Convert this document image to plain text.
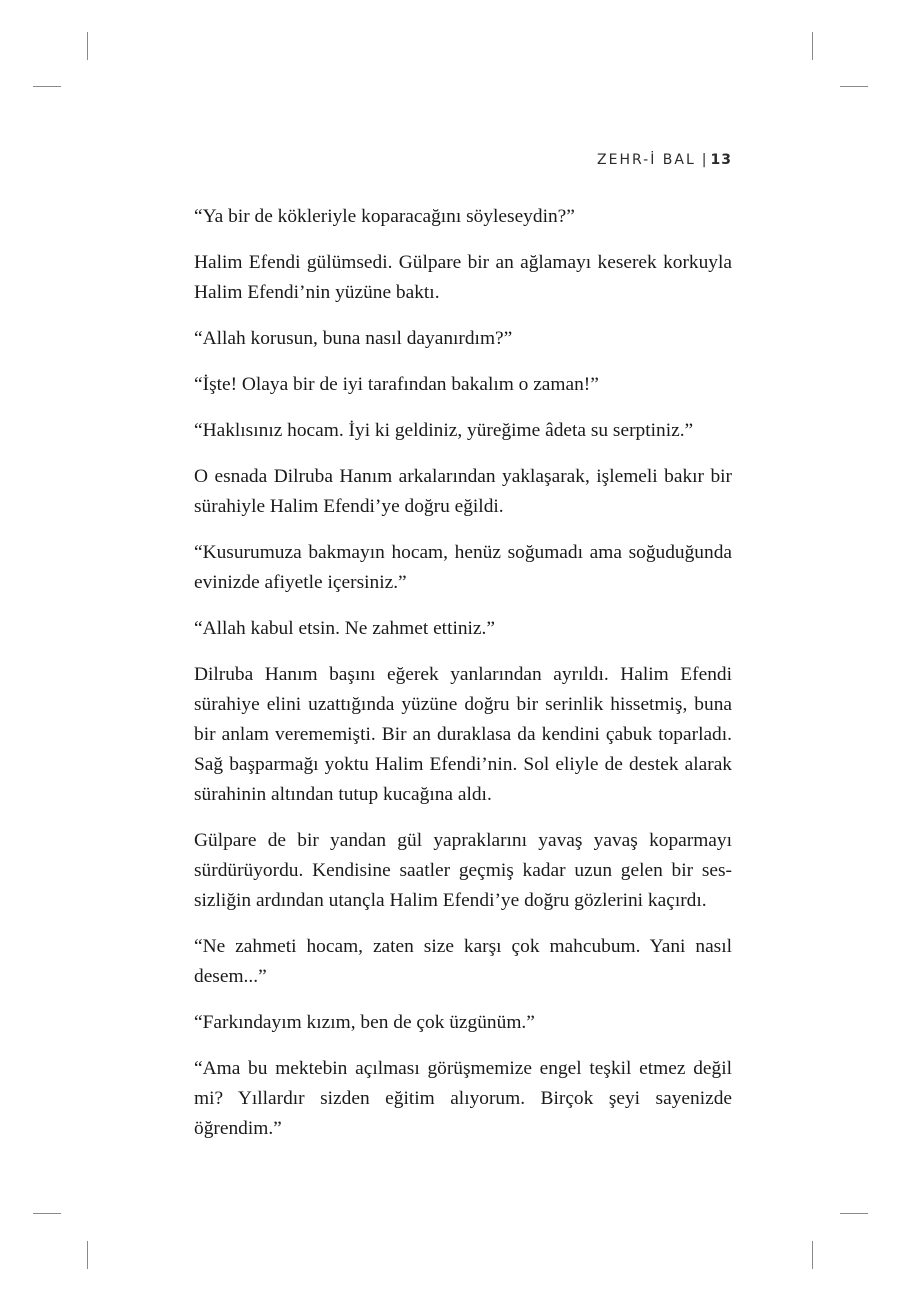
ZEHR-İ BAL | 13

“Ya bir de kökleriyle koparacağını söyleseydin?”

Halim Efendi gülümsedi. Gülpare bir an ağlamayı keserek korkuyla Halim Efendi’nin yüzüne baktı.

“Allah korusun, buna nasıl dayanırdım?”

“İşte! Olaya bir de iyi tarafından bakalım o zaman!”

“Haklısınız hocam. İyi ki geldiniz, yüreğime âdeta su serptiniz.”

O esnada Dilruba Hanım arkalarından yaklaşarak, işlemeli bakır bir sürahiyle Halim Efendi’ye doğru eğildi.

“Kusurumuza bakmayın hocam, henüz soğumadı ama soğuduğunda evinizde afiyetle içersiniz.”

“Allah kabul etsin. Ne zahmet ettiniz.”

Dilruba Hanım başını eğerek yanlarından ayrıldı. Halim Efendi sürahiye elini uzattığında yüzüne doğru bir serinlik hissetmiş, buna bir anlam verememişti. Bir an duraklasa da kendini çabuk toparladı. Sağ başparmağı yoktu Halim Efendi’nin. Sol eliyle de destek alarak sürahinin altından tutup kucağına aldı.

Gülpare de bir yandan gül yapraklarını yavaş yavaş koparmayı sürdürüyordu. Kendisine saatler geçmiş kadar uzun gelen bir sessizliğin ardından utançla Halim Efendi’ye doğru gözlerini kaçırdı.

“Ne zahmeti hocam, zaten size karşı çok mahcubum. Yani nasıl desem...”

“Farkındayım kızım, ben de çok üzgünüm.”

“Ama bu mektebin açılması görüşmemize engel teşkil etmez değil mi? Yıllardır sizden eğitim alıyorum. Birçok şeyi sayenizde öğrendim.”
